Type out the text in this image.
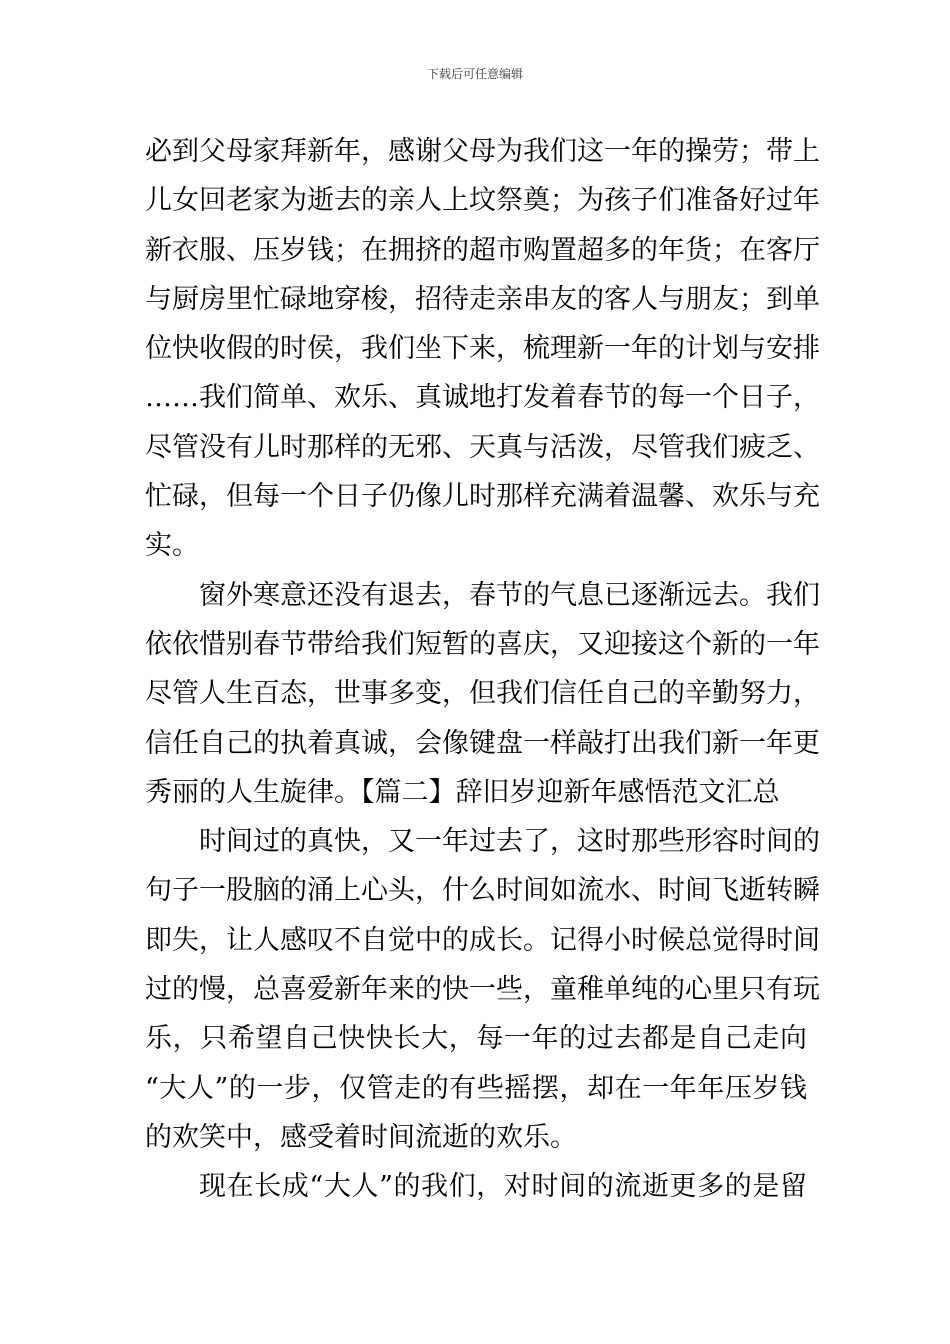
下载后可任意编辑
必到父母家拜新年，感谢父母为我们这一年的操劳；带上
儿女回老家为逝去的亲人上坟祭奠；为孩子们准备好过年
新衣服、压岁钱；在拥挤的超市购置超多的年货；在客厅
与厨房里忙碌地穿梭，招待走亲串友的客人与朋友；到单
位快收假的时侯，我们坐下来，梳理新一年的计划与安排
……我们简单、欢乐、真诚地打发着春节的每一个日子，
尽管没有儿时那样的无邪、天真与活泼，尽管我们疲乏、
忙碌，但每一个日子仍像儿时那样充满着温馨、欢乐与充
实。
窗外寒意还没有退去，春节的气息已逐渐远去。我们
依依惜别春节带给我们短暂的喜庆，又迎接这个新的一年
尽管人生百态，世事多变，但我们信任自己的辛勤努力，
信任自己的执着真诚，会像键盘一样敲打出我们新一年更
秀丽的人生旋律。【篇二】辞旧岁迎新年感悟范文汇总
时间过的真快，又一年过去了，这时那些形容时间的
句子一股脑的涌上心头，什么时间如流水、时间飞逝转瞬
即失，让人感叹不自觉中的成长。记得小时候总觉得时间
过的慢，总喜爱新年来的快一些，童稚单纯的心里只有玩
乐，只希望自己快快长大，每一年的过去都是自己走向
“大人”的一步，仅管走的有些摇摆，却在一年年压岁钱
的欢笑中，感受着时间流逝的欢乐。
现在长成“大人”的我们，对时间的流逝更多的是留
